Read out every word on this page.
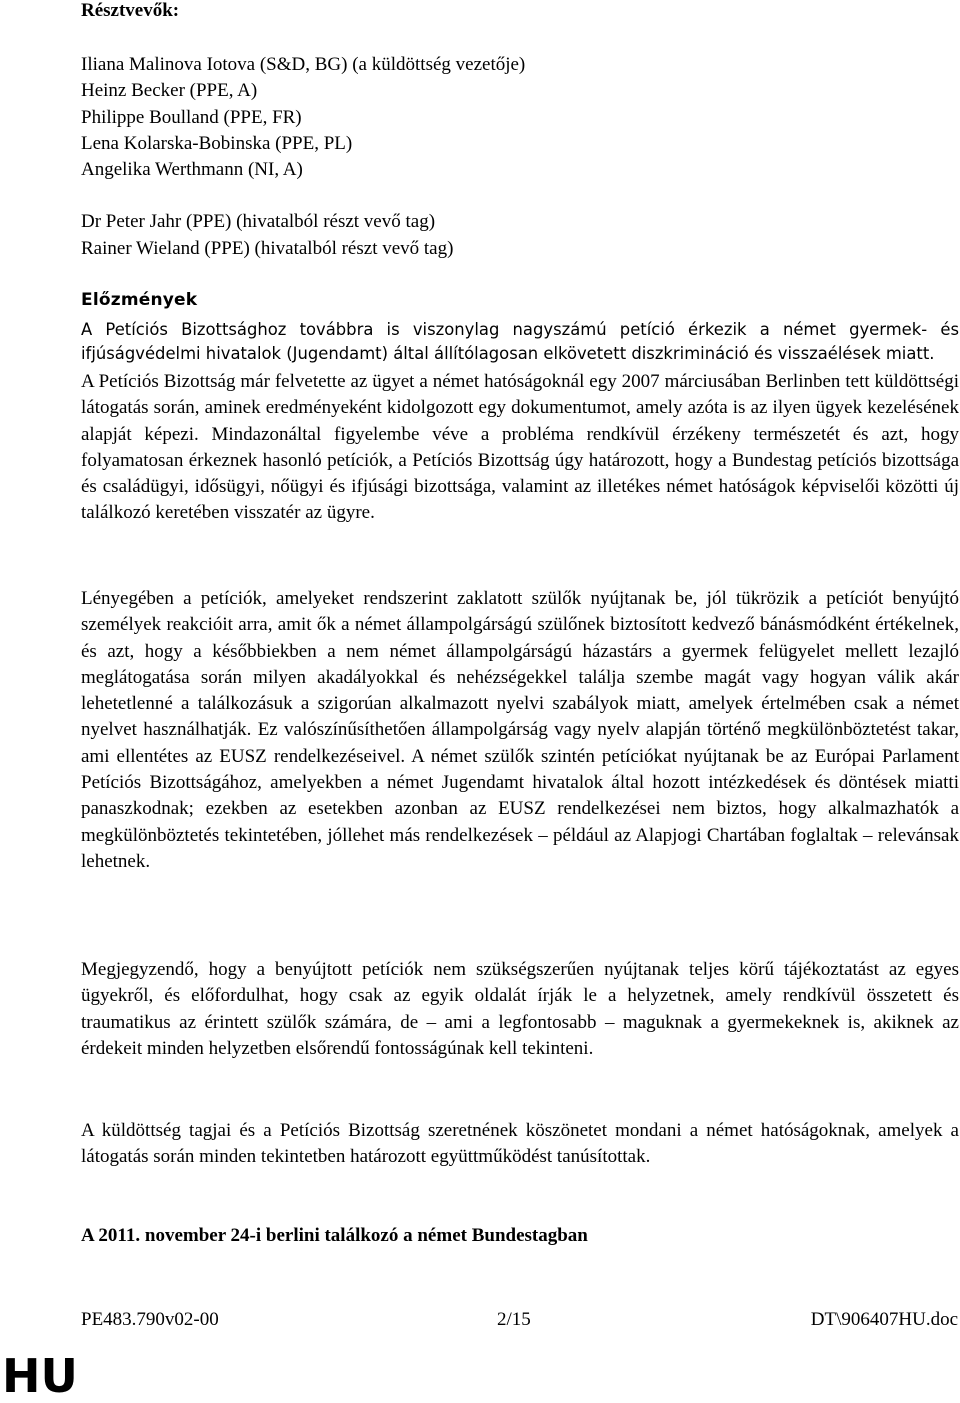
Résztvevők:
Iliana Malinova Iotova (S&D, BG) (a küldöttség vezetője)
Heinz Becker (PPE, A)
Philippe Boulland (PPE, FR)
Lena Kolarska-Bobinska (PPE, PL)
Angelika Werthmann (NI, A)
Dr Peter Jahr (PPE) (hivatalból részt vevő tag)
Rainer Wieland (PPE) (hivatalból részt vevő tag)
Előzmények
A Petíciós Bizottsághoz továbbra is viszonylag nagyszámú petíció érkezik a német gyermek- és ifjúságvédelmi hivatalok (Jugendamt) által állítólagosan elkövetett diszkrimináció és visszaélések miatt.
A Petíciós Bizottság már felvetette az ügyet a német hatóságoknál egy 2007 márciusában Berlinben tett küldöttségi látogatás során, aminek eredményeként kidolgozott egy dokumentumot, amely azóta is az ilyen ügyek kezelésének alapját képezi. Mindazonáltal figyelembe véve a probléma rendkívül érzékeny természetét és azt, hogy folyamatosan érkeznek hasonló petíciók, a Petíciós Bizottság úgy határozott, hogy a Bundestag petíciós bizottsága és családügyi, idősügyi, nőügyi és ifjúsági bizottsága, valamint az illetékes német hatóságok képviselői közötti új találkozó keretében visszatér az ügyre.
Lényegében a petíciók, amelyeket rendszerint zaklatott szülők nyújtanak be, jól tükrözik a petíciót benyújtó személyek reakcióit arra, amit ők a német állampolgárságú szülőnek biztosított kedvező bánásmódként értékelnek, és azt, hogy a későbbiekben a nem német állampolgárságú házastárs a gyermek felügyelet mellett lezajló meglátogatása során milyen akadályokkal és nehézségekkel találja szembe magát vagy hogyan válik akár lehetetlenné a találkozásuk a szigorúan alkalmazott nyelvi szabályok miatt, amelyek értelmében csak a német nyelvet használhatják. Ez valószínűsíthetően állampolgárság vagy nyelv alapján történő megkülönböztetést takar, ami ellentétes az EUSZ rendelkezéseivel. A német szülők szintén petíciókat nyújtanak be az Európai Parlament Petíciós Bizottságához, amelyekben a német Jugendamt hivatalok által hozott intézkedések és döntések miatti panaszkodnak; ezekben az esetekben azonban az EUSZ rendelkezései nem biztos, hogy alkalmazhatók a megkülönböztetés tekintetében, jóllehet más rendelkezések – például az Alapjogi Chartában foglaltak – relevánsak lehetnek.
Megjegyzendő, hogy a benyújtott petíciók nem szükségszerűen nyújtanak teljes körű tájékoztatást az egyes ügyekről, és előfordulhat, hogy csak az egyik oldalát írják le a helyzetnek, amely rendkívül összetett és traumatikus az érintett szülők számára, de – ami a legfontosabb – maguknak a gyermekeknek is, akiknek az érdekeit minden helyzetben elsőrendű fontosságúnak kell tekinteni.
A küldöttség tagjai és a Petíciós Bizottság szeretnének köszönetet mondani a német hatóságoknak, amelyek a látogatás során minden tekintetben határozott együttműködést tanúsítottak.
A 2011. november 24-i berlini találkozó a német Bundestagban
PE483.790v02-00	2/15	DT\906407HU.doc
HU
